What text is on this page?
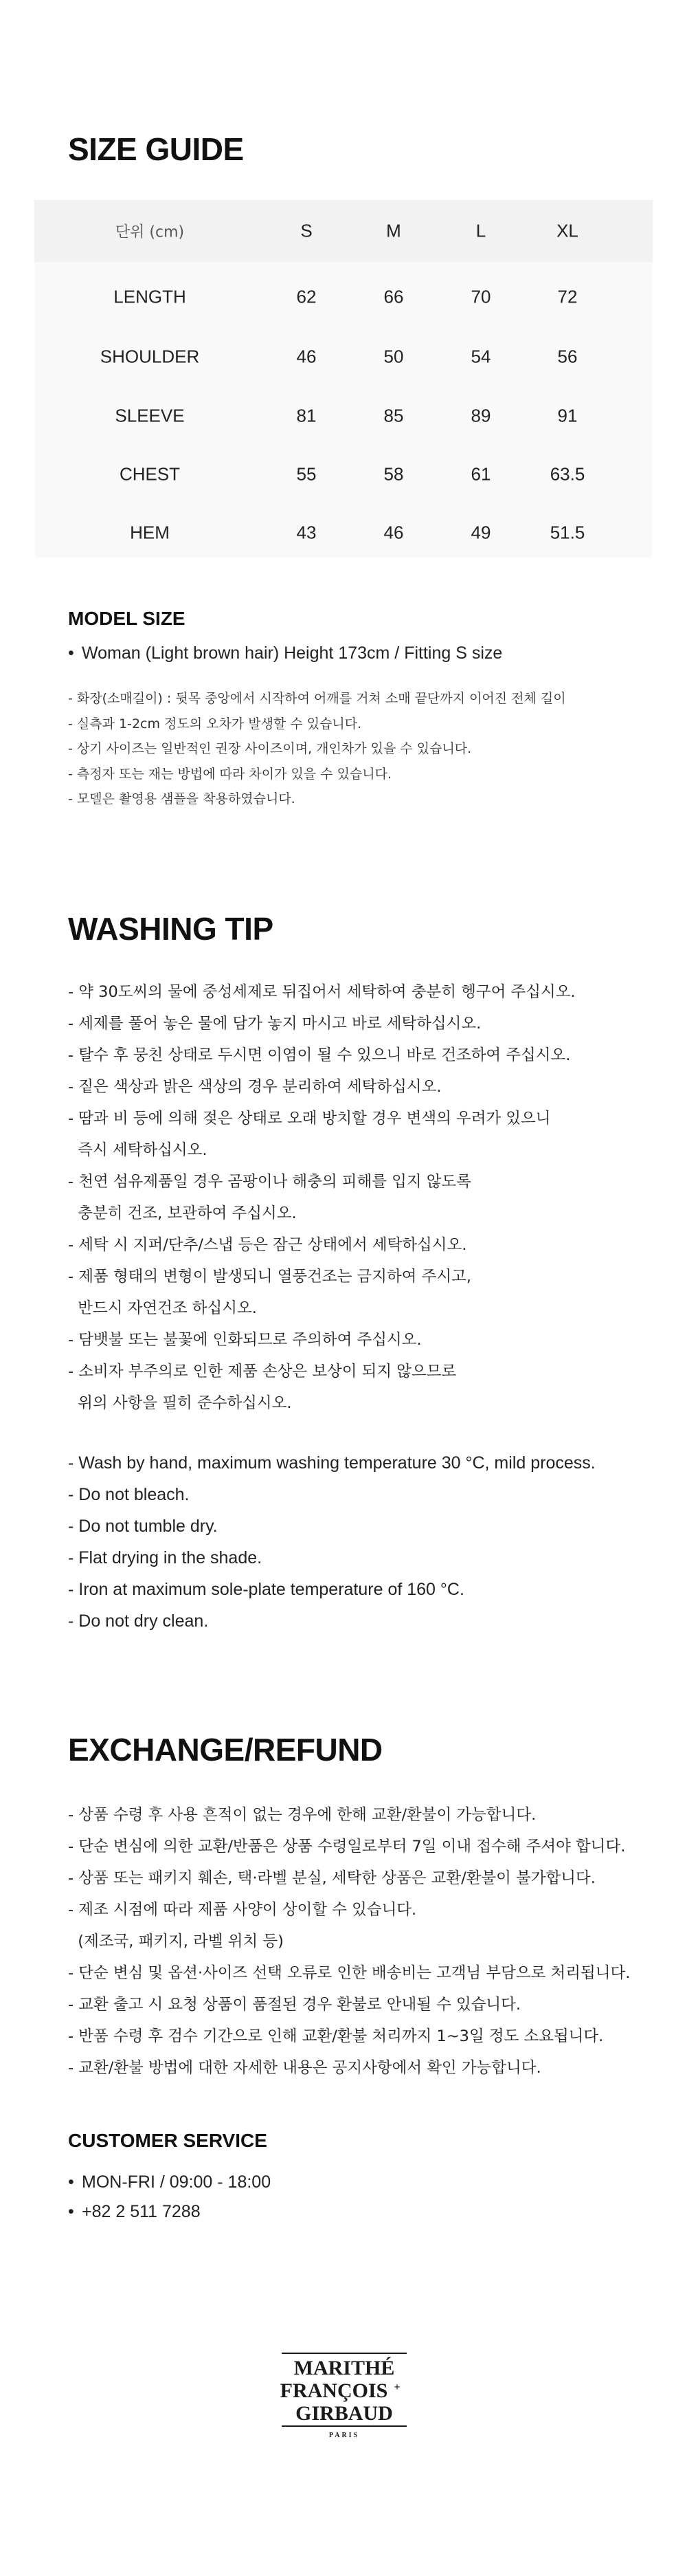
SIZE GUIDE
단위 (cm)	S	M	L	XL
LENGTH	62	66	70	72
SHOULDER	46	50	54	56
SLEEVE	81	85	89	91
CHEST	55	58	61	63.5
HEM	43	46	49	51.5
MODEL SIZE
• Woman (Light brown hair) Height 173cm / Fitting S size
- 화장(소매길이) : 뒷목 중앙에서 시작하여 어깨를 거쳐 소매 끝단까지 이어진 전체 길이
- 실측과 1-2cm 정도의 오차가 발생할 수 있습니다.
- 상기 사이즈는 일반적인 권장 사이즈이며, 개인차가 있을 수 있습니다.
- 측정자 또는 재는 방법에 따라 차이가 있을 수 있습니다.
- 모델은 촬영용 샘플을 착용하였습니다.
WASHING TIP
- 약 30도씨의 물에 중성세제로 뒤집어서 세탁하여 충분히 헹구어 주십시오.
- 세제를 풀어 놓은 물에 담가 놓지 마시고 바로 세탁하십시오.
- 탈수 후 뭉친 상태로 두시면 이염이 될 수 있으니 바로 건조하여 주십시오.
- 짙은 색상과 밝은 색상의 경우 분리하여 세탁하십시오.
- 땀과 비 등에 의해 젖은 상태로 오래 방치할 경우 변색의 우려가 있으니
즉시 세탁하십시오.
- 천연 섬유제품일 경우 곰팡이나 해충의 피해를 입지 않도록
충분히 건조, 보관하여 주십시오.
- 세탁 시 지퍼/단추/스냅 등은 잠근 상태에서 세탁하십시오.
- 제품 형태의 변형이 발생되니 열풍건조는 금지하여 주시고,
반드시 자연건조 하십시오.
- 담뱃불 또는 불꽃에 인화되므로 주의하여 주십시오.
- 소비자 부주의로 인한 제품 손상은 보상이 되지 않으므로
위의 사항을 필히 준수하십시오.
- Wash by hand, maximum washing temperature 30 °C, mild process.
- Do not bleach.
- Do not tumble dry.
- Flat drying in the shade.
- Iron at maximum sole-plate temperature of 160 °C.
- Do not dry clean.
EXCHANGE/REFUND
- 상품 수령 후 사용 흔적이 없는 경우에 한해 교환/환불이 가능합니다.
- 단순 변심에 의한 교환/반품은 상품 수령일로부터 7일 이내 접수해 주셔야 합니다.
- 상품 또는 패키지 훼손, 택·라벨 분실, 세탁한 상품은 교환/환불이 불가합니다.
- 제조 시점에 따라 제품 사양이 상이할 수 있습니다.
(제조국, 패키지, 라벨 위치 등)
- 단순 변심 및 옵션·사이즈 선택 오류로 인한 배송비는 고객님 부담으로 처리됩니다.
- 교환 출고 시 요청 상품이 품절된 경우 환불로 안내될 수 있습니다.
- 반품 수령 후 검수 기간으로 인해 교환/환불 처리까지 1~3일 정도 소요됩니다.
- 교환/환불 방법에 대한 자세한 내용은 공지사항에서 확인 가능합니다.
CUSTOMER SERVICE
• MON-FRI / 09:00 - 18:00
• +82 2 511 7288
MARITHÉ
FRANÇOIS +
GIRBAUD
PARIS
